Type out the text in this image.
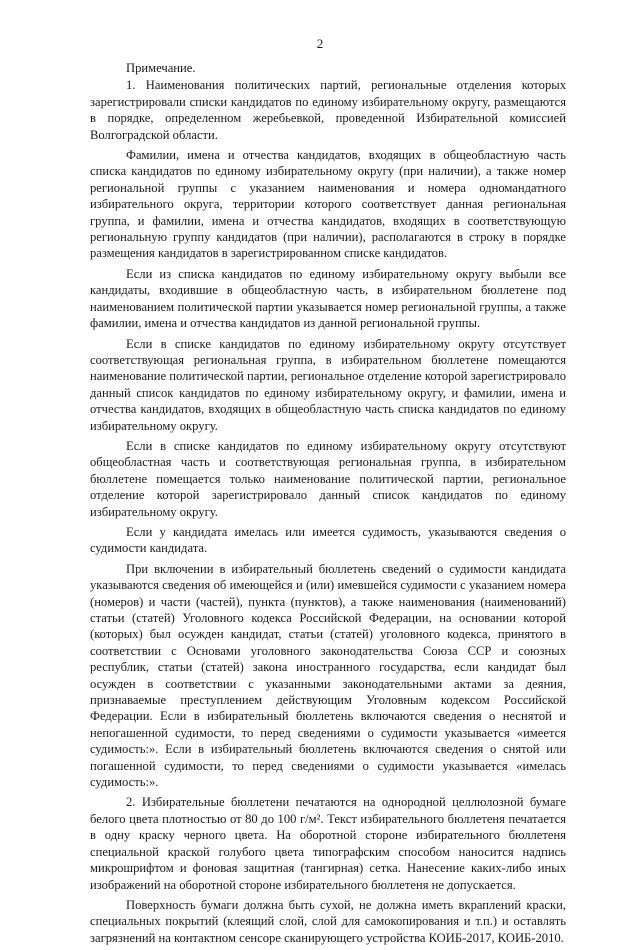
2

Примечание.

1. Наименования политических партий, региональные отделения которых зарегистрировали списки кандидатов по единому избирательному округу, размещаются в порядке, определенном жеребьевкой, проведенной Избирательной комиссией Волгоградской области.

Фамилии, имена и отчества кандидатов, входящих в общеобластную часть списка кандидатов по единому избирательному округу (при наличии), а также номер региональной группы с указанием наименования и номера одномандатного избирательного округа, территории которого соответствует данная региональная группа, и фамилии, имена и отчества кандидатов, входящих в соответствующую региональную группу кандидатов (при наличии), располагаются в строку в порядке размещения кандидатов в зарегистрированном списке кандидатов.

Если из списка кандидатов по единому избирательному округу выбыли все кандидаты, входившие в общеобластную часть, в избирательном бюллетене под наименованием политической партии указывается номер региональной группы, а также фамилии, имена и отчества кандидатов из данной региональной группы.

Если в списке кандидатов по единому избирательному округу отсутствует соответствующая региональная группа, в избирательном бюллетене помещаются наименование политической партии, региональное отделение которой зарегистрировало данный список кандидатов по единому избирательному округу, и фамилии, имена и отчества кандидатов, входящих в общеобластную часть списка кандидатов по единому избирательному округу.

Если в списке кандидатов по единому избирательному округу отсутствуют общеобластная часть и соответствующая региональная группа, в избирательном бюллетене помещается только наименование политической партии, региональное отделение которой зарегистрировало данный список кандидатов по единому избирательному округу.

Если у кандидата имелась или имеется судимость, указываются сведения о судимости кандидата.

При включении в избирательный бюллетень сведений о судимости кандидата указываются сведения об имеющейся и (или) имевшейся судимости с указанием номера (номеров) и части (частей), пункта (пунктов), а также наименования (наименований) статьи (статей) Уголовного кодекса Российской Федерации, на основании которой (которых) был осужден кандидат, статьи (статей) уголовного кодекса, принятого в соответствии с Основами уголовного законодательства Союза ССР и союзных республик, статьи (статей) закона иностранного государства, если кандидат был осужден в соответствии с указанными законодательными актами за деяния, признаваемые преступлением действующим Уголовным кодексом Российской Федерации. Если в избирательный бюллетень включаются сведения о неснятой и непогашенной судимости, то перед сведениями о судимости указывается «имеется судимость:». Если в избирательный бюллетень включаются сведения о снятой или погашенной судимости, то перед сведениями о судимости указывается «имелась судимость:».

2. Избирательные бюллетени печатаются на однородной целлюлозной бумаге белого цвета плотностью от 80 до 100 г/м². Текст избирательного бюллетеня печатается в одну краску черного цвета. На оборотной стороне избирательного бюллетеня специальной краской голубого цвета типографским способом наносится надпись микрошрифтом и фоновая защитная (тангирная) сетка. Нанесение каких-либо иных изображений на оборотной стороне избирательного бюллетеня не допускается.

Поверхность бумаги должна быть сухой, не должна иметь вкраплений краски, специальных покрытий (клеящий слой, слой для самокопирования и т.п.) и оставлять загрязнений на контактном сенсоре сканирующего устройства КОИБ-2017, КОИБ-2010.
